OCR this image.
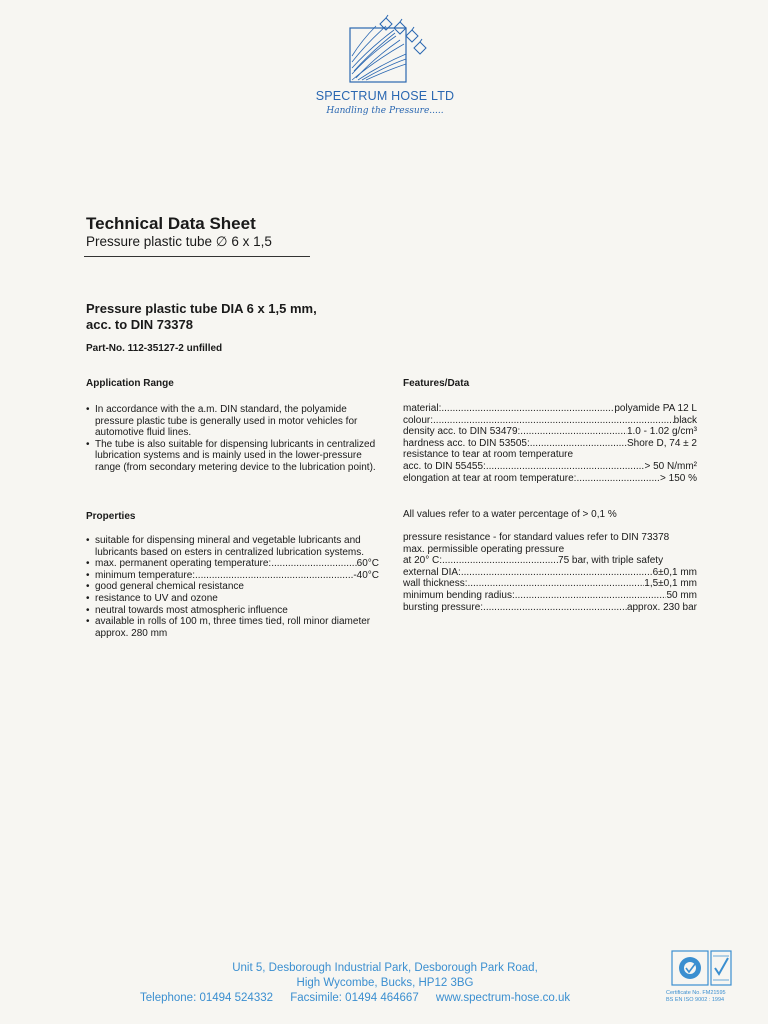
SPECTRUM HOSE LTD
Handling the Pressure.....
Technical Data Sheet
Pressure plastic tube ∅ 6 x 1,5
Pressure plastic tube DIA 6 x 1,5 mm,
acc. to DIN 73378
Part-No. 112-35127-2 unfilled
Application Range
• In accordance with the a.m. DIN standard, the polyamide pressure plastic tube is generally used in motor vehicles for automotive fluid lines.
• The tube is also suitable for dispensing lubricants in centralized lubrication systems and is mainly used in the lower-pressure range (from secondary metering device to the lubrication point).
Properties
• suitable for dispensing mineral and vegetable lubricants and lubricants based on esters in centralized lubrication systems.
• max. permanent operating temperature: .....	60°C
• minimum temperature: .....	-40°C
• good general chemical resistance
• resistance to UV and ozone
• neutral towards most atmospheric influence
• available in rolls of 100 m, three times tied, roll minor diameter approx. 280 mm
Features/Data
material: .....	polyamide PA 12 L
colour: .....	black
density acc. to DIN 53479: .....	1.0 - 1.02 g/cm³
hardness acc. to DIN 53505: .....	Shore D, 74 ± 2
resistance to tear at room temperature
acc. to DIN 55455: .....	> 50 N/mm²
elongation at tear at room temperature: .....	> 150 %
All values refer to a water percentage of > 0,1 %
pressure resistance - for standard values refer to DIN 73378
max. permissible operating pressure
at 20° C: .....	75 bar, with triple safety
external DIA: .....	6±0,1 mm
wall thickness: .....	1,5±0,1 mm
minimum bending radius: .....	50 mm
bursting pressure: .....	approx. 230 bar
Unit 5, Desborough Industrial Park, Desborough Park Road,
High Wycombe, Bucks, HP12 3BG
Telephone: 01494 524332 Facsimile: 01494 464667 www.spectrum-hose.co.uk	Certificate No. FM21595
BS EN ISO 9002 : 1994
